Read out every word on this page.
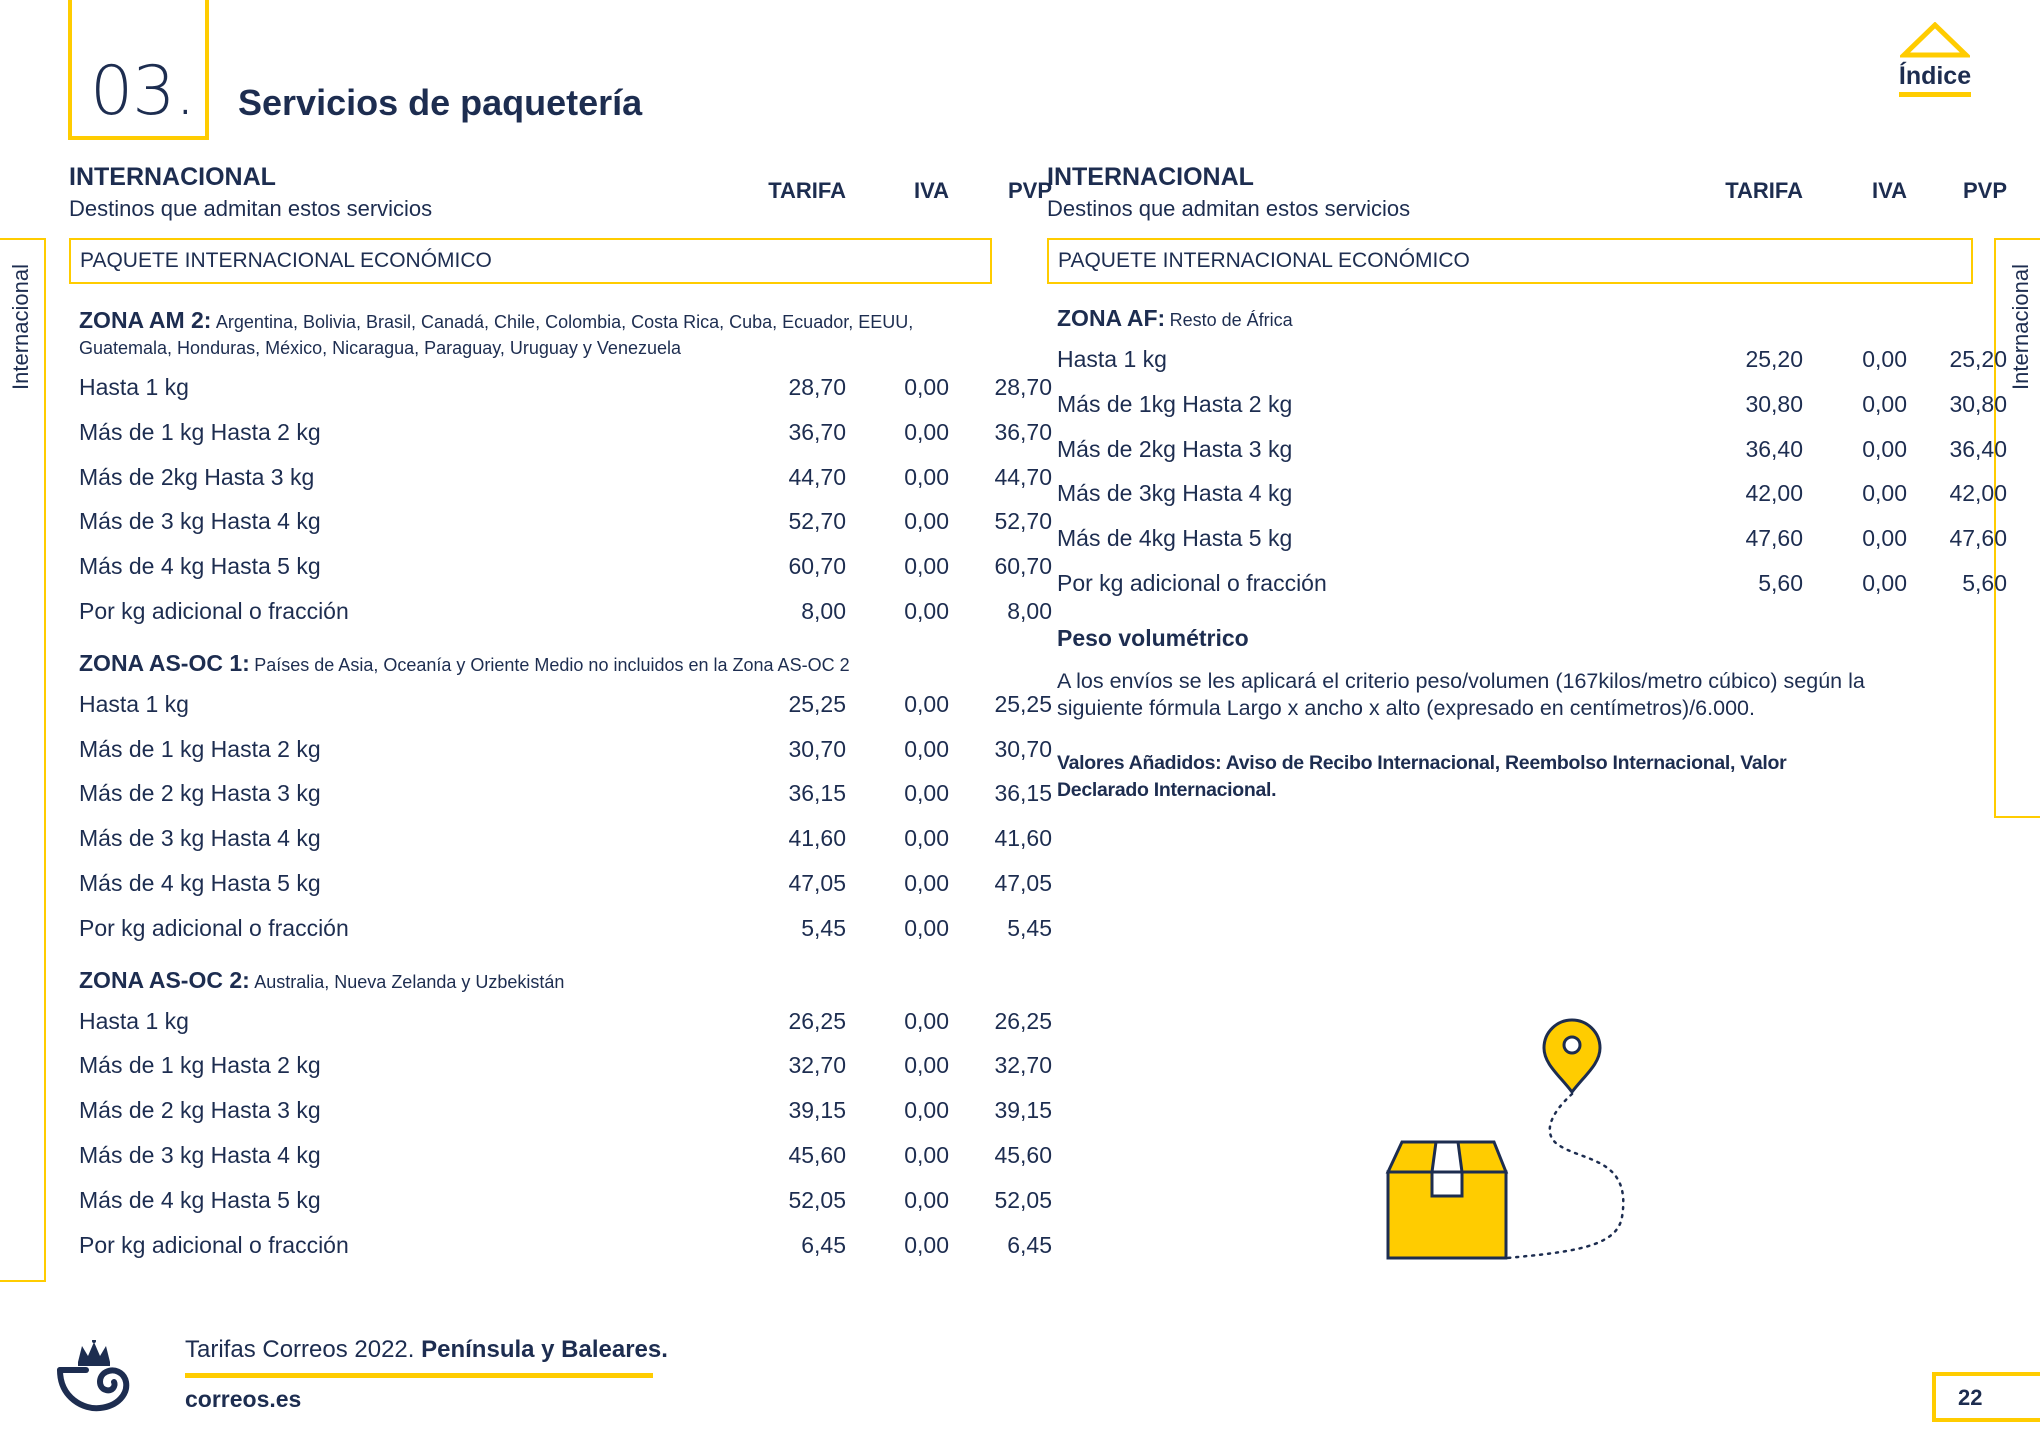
03. Servicios de paquetería
Índice
Internacional	Internacional
INTERNACIONAL
Destinos que admitan estos servicios
TARIFA	IVA	PVP
PAQUETE INTERNACIONAL ECONÓMICO
ZONA AM 2: Argentina, Bolivia, Brasil, Canadá, Chile, Colombia, Costa Rica, Cuba, Ecuador, EEUU, Guatemala, Honduras, México, Nicaragua, Paraguay, Uruguay y Venezuela
Hasta 1 kg	28,70	0,00	28,70
Más de 1 kg Hasta 2 kg	36,70	0,00	36,70
Más de 2kg Hasta 3 kg	44,70	0,00	44,70
Más de 3 kg Hasta 4 kg	52,70	0,00	52,70
Más de 4 kg Hasta 5 kg	60,70	0,00	60,70
Por kg adicional o fracción	8,00	0,00	8,00
ZONA AS-OC 1: Países de Asia, Oceanía y Oriente Medio no incluidos en la Zona AS-OC 2
Hasta 1 kg	25,25	0,00	25,25
Más de 1 kg Hasta 2 kg	30,70	0,00	30,70
Más de 2 kg Hasta 3 kg	36,15	0,00	36,15
Más de 3 kg Hasta 4 kg	41,60	0,00	41,60
Más de 4 kg Hasta 5 kg	47,05	0,00	47,05
Por kg adicional o fracción	5,45	0,00	5,45
ZONA AS-OC 2: Australia, Nueva Zelanda y Uzbekistán
Hasta 1 kg	26,25	0,00	26,25
Más de 1 kg Hasta 2 kg	32,70	0,00	32,70
Más de 2 kg Hasta 3 kg	39,15	0,00	39,15
Más de 3 kg Hasta 4 kg	45,60	0,00	45,60
Más de 4 kg Hasta 5 kg	52,05	0,00	52,05
Por kg adicional o fracción	6,45	0,00	6,45
INTERNACIONAL
Destinos que admitan estos servicios
TARIFA	IVA	PVP
PAQUETE INTERNACIONAL ECONÓMICO
ZONA AF: Resto de África
Hasta 1 kg	25,20	0,00	25,20
Más de 1kg Hasta 2 kg	30,80	0,00	30,80
Más de 2kg Hasta 3 kg	36,40	0,00	36,40
Más de 3kg Hasta 4 kg	42,00	0,00	42,00
Más de 4kg Hasta 5 kg	47,60	0,00	47,60
Por kg adicional o fracción	5,60	0,00	5,60
Peso volumétrico
A los envíos se les aplicará el criterio peso/volumen (167kilos/metro cúbico) según la siguiente fórmula Largo x ancho x alto (expresado en centímetros)/6.000.
Valores Añadidos: Aviso de Recibo Internacional, Reembolso Internacional, Valor Declarado Internacional.
Tarifas Correos 2022. Península y Baleares.
correos.es	22
